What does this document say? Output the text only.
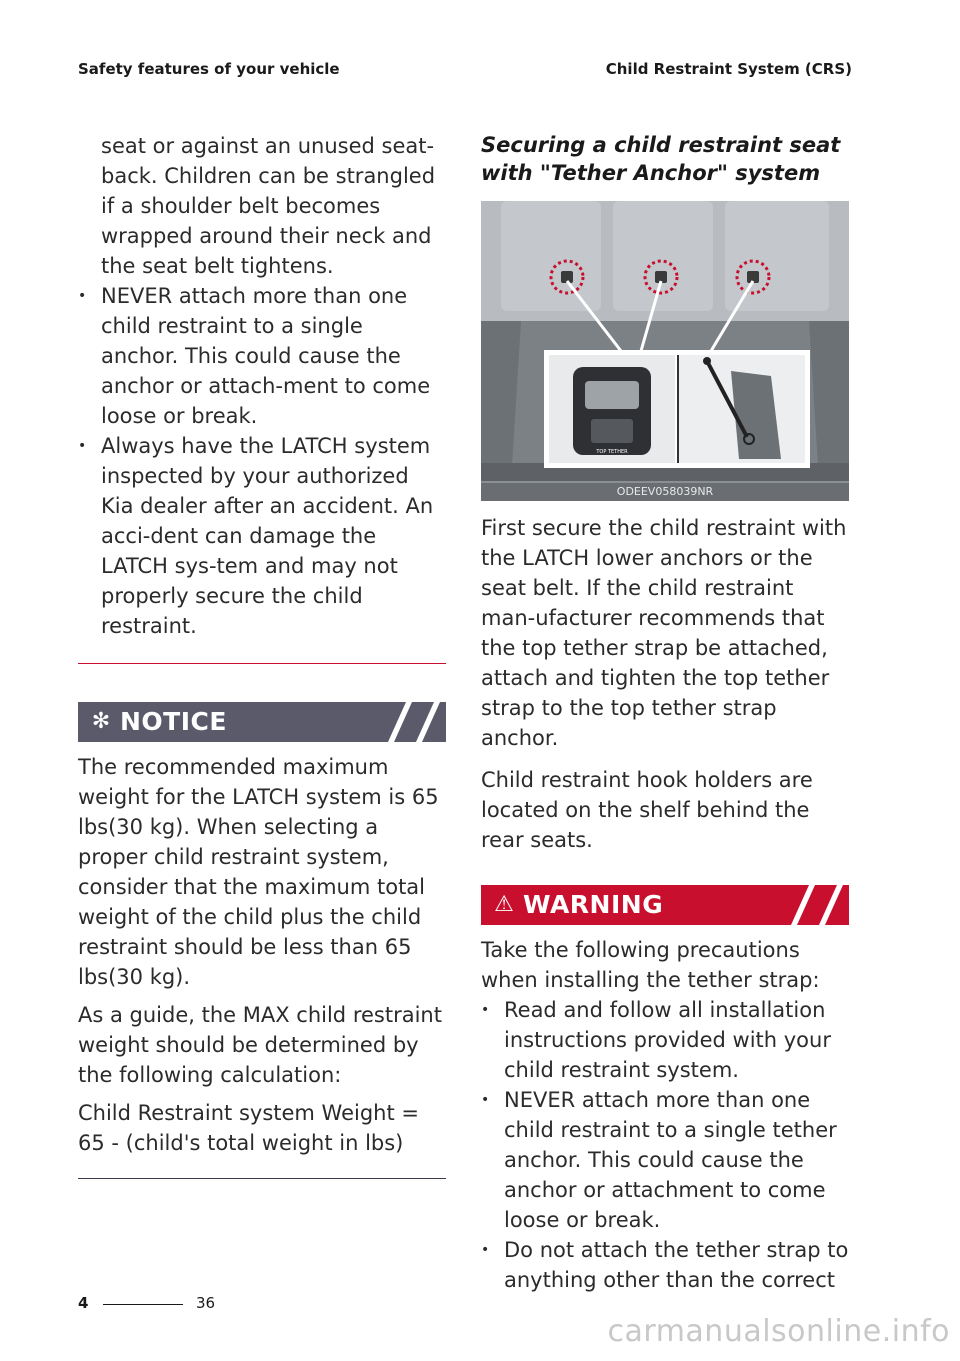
Safety features of your vehicle	Child Restraint System (CRS)

seat or against an unused seat-back. Children can be strangled if a shoulder belt becomes wrapped around their neck and the seat belt tightens.

• NEVER attach more than one child restraint to a single anchor. This could cause the anchor or attach-ment to come loose or break.
• Always have the LATCH system inspected by your authorized Kia dealer after an accident. An acci-dent can damage the LATCH sys-tem and may not properly secure the child restraint.
✻ NOTICE

The recommended maximum weight for the LATCH system is 65 lbs(30 kg). When selecting a proper child restraint system, consider that the maximum total weight of the child plus the child restraint should be less than 65 lbs(30 kg).

As a guide, the MAX child restraint weight should be determined by the following calculation:

Child Restraint system Weight = 65 - (child's total weight in lbs)

Securing a child restraint seat with "Tether Anchor" system
TOP TETHER
ODEEV058039NR

First secure the child restraint with the LATCH lower anchors or the seat belt. If the child restraint man-ufacturer recommends that the top tether strap be attached, attach and tighten the top tether strap to the top tether strap anchor.

Child restraint hook holders are located on the shelf behind the rear seats.

⚠ WARNING

Take the following precautions when installing the tether strap:

• Read and follow all installation instructions provided with your child restraint system.
• NEVER attach more than one child restraint to a single tether anchor. This could cause the anchor or attachment to come loose or break.
• Do not attach the tether strap to anything other than the correct
4	36
carmanualsonline.info
